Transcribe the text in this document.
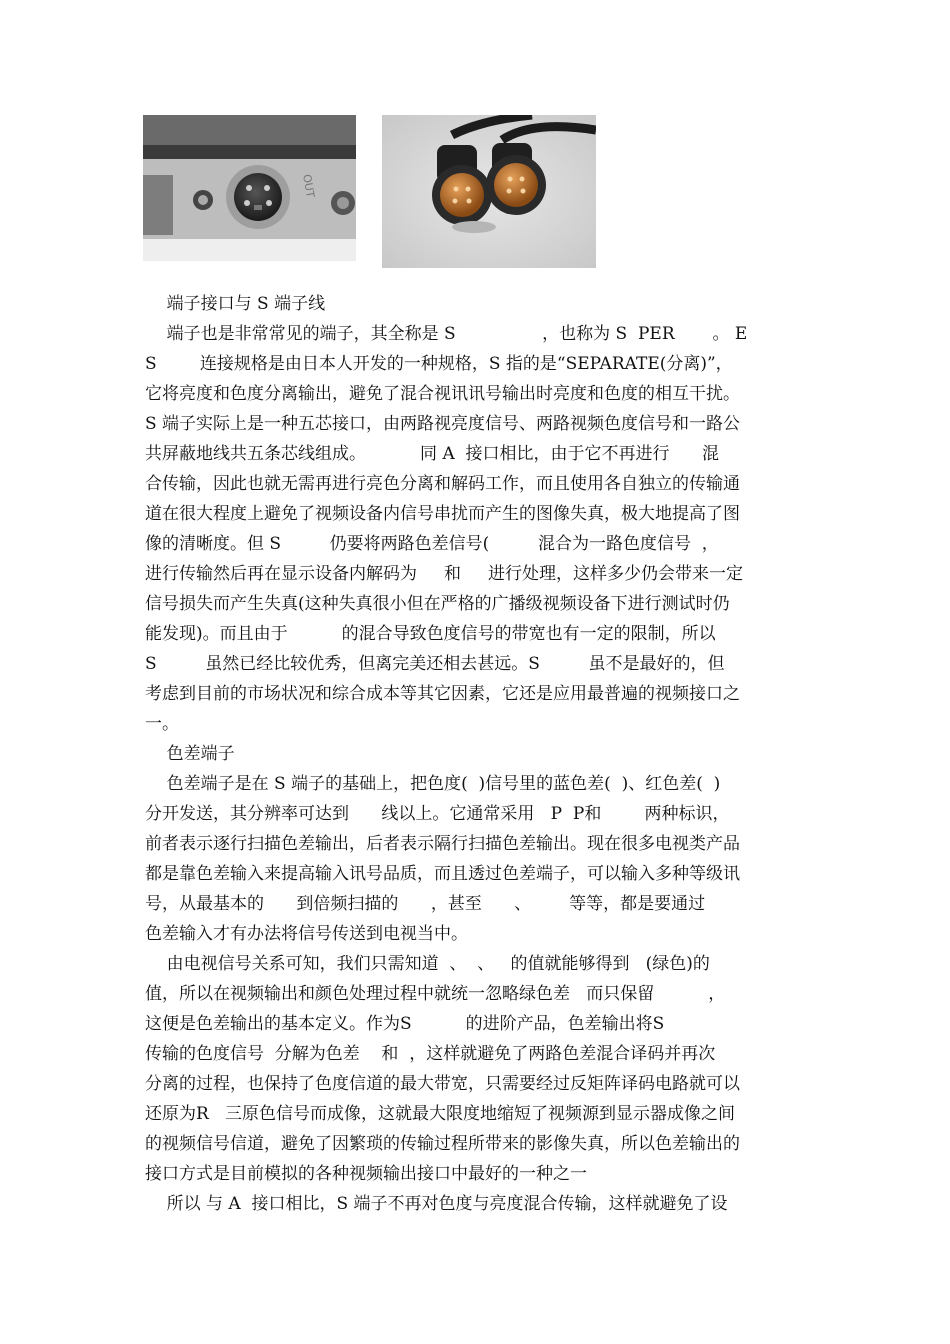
OUT
端子接口与 S 端子线
端子也是非常常见的端子，其全称是 S                ，也称为 S  PER       。 E
S        连接规格是由日本人开发的一种规格，S 指的是“SEPARATE(分离)”，
它将亮度和色度分离输出，避免了混合视讯讯号输出时亮度和色度的相互干扰。
S 端子实际上是一种五芯接口，由两路视亮度信号、两路视频色度信号和一路公
共屏蔽地线共五条芯线组成。          同 A  接口相比，由于它不再进行      混
合传输，因此也就无需再进行亮色分离和解码工作，而且使用各自独立的传输通
道在很大程度上避免了视频设备内信号串扰而产生的图像失真，极大地提高了图
像的清晰度。但 S         仍要将两路色差信号(         混合为一路色度信号  ，
进行传输然后再在显示设备内解码为     和     进行处理，这样多少仍会带来一定
信号损失而产生失真(这种失真很小但在严格的广播级视频设备下进行测试时仍
能发现)。而且由于          的混合导致色度信号的带宽也有一定的限制，所以
S         虽然已经比较优秀，但离完美还相去甚远。S         虽不是最好的，但
考虑到目前的市场状况和综合成本等其它因素，它还是应用最普遍的视频接口之
一。
色差端子
色差端子是在 S 端子的基础上，把色度(  )信号里的蓝色差(  )、红色差(  )
分开发送，其分辨率可达到      线以上。它通常采用   P  P和        两种标识，
前者表示逐行扫描色差输出，后者表示隔行扫描色差输出。现在很多电视类产品
都是靠色差输入来提高输入讯号品质，而且透过色差端子，可以输入多种等级讯
号，从最基本的      到倍频扫描的      ，甚至      、       等等，都是要通过
色差输入才有办法将信号传送到电视当中。
由电视信号关系可知，我们只需知道  、  、   的值就能够得到   (绿色)的
值，所以在视频输出和颜色处理过程中就统一忽略绿色差   而只保留          ，
这便是色差输出的基本定义。作为S          的进阶产品，色差输出将S
传输的色度信号  分解为色差    和  ，这样就避免了两路色差混合译码并再次
分离的过程，也保持了色度信道的最大带宽，只需要经过反矩阵译码电路就可以
还原为R   三原色信号而成像，这就最大限度地缩短了视频源到显示器成像之间
的视频信号信道，避免了因繁琐的传输过程所带来的影像失真，所以色差输出的
接口方式是目前模拟的各种视频输出接口中最好的一种之一
所以 与 A  接口相比，S 端子不再对色度与亮度混合传输，这样就避免了设
